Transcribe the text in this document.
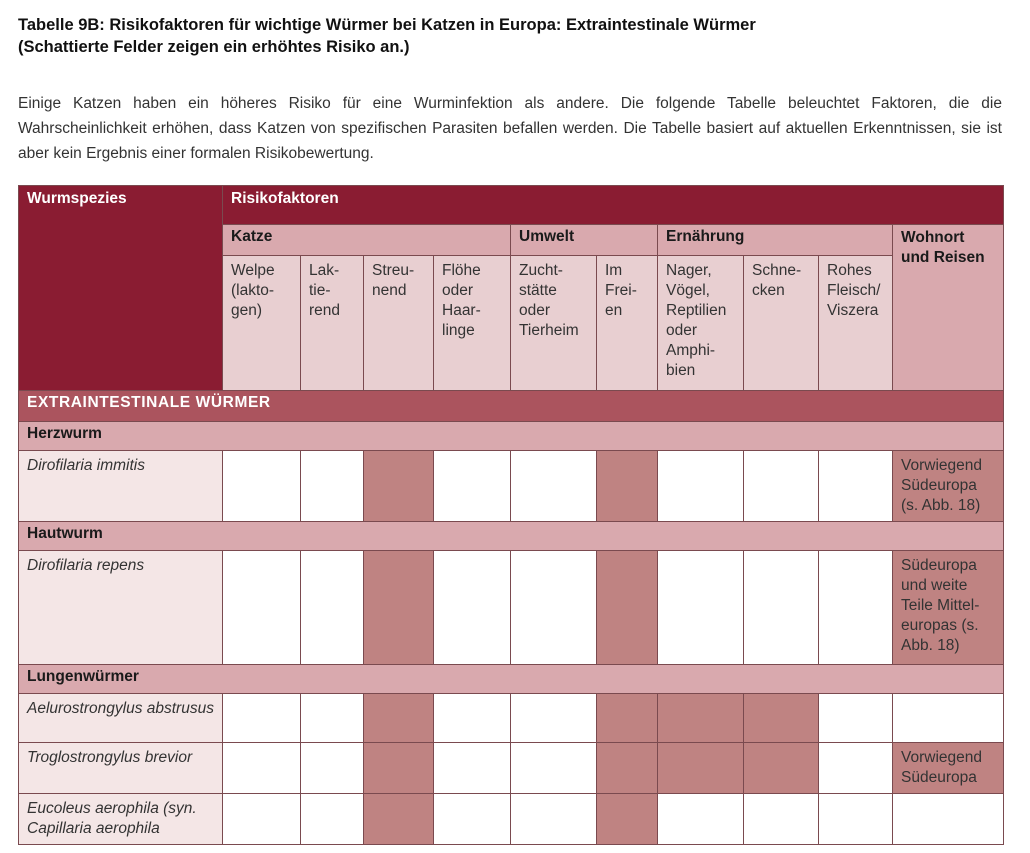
Tabelle 9B: Risikofaktoren für wichtige Würmer bei Katzen in Europa: Extraintestinale Würmer
(Schattierte Felder zeigen ein erhöhtes Risiko an.)
Einige Katzen haben ein höheres Risiko für eine Wurminfektion als andere. Die folgende Tabelle beleuchtet Faktoren, die die Wahrscheinlichkeit erhöhen, dass Katzen von spezifischen Parasiten befallen werden. Die Tabelle basiert auf aktuellen Erkenntnissen, sie ist aber kein Ergebnis einer formalen Risikobewertung.
Wurmspezies	Risikofaktoren									
	Katze				Umwelt		Ernährung			Wohnort und Reisen
	Welpe (lakto-gen)	Lak-tie-rend	Streu-nend	Flöhe oder Haar-linge	Zucht-stätte oder Tierheim	Im Frei-en	Nager, Vögel, Reptilien oder Amphi-bien	Schne-cken	Rohes Fleisch/ Viszera	
EXTRAINTESTINALE WÜRMER										
Herzwurm										
Dirofilaria immitis										Vorwiegend Südeuropa (s. Abb. 18)
Hautwurm										
Dirofilaria repens										Südeuropa und weite Teile Mittel-europas (s. Abb. 18)
Lungenwürmer										
Aelurostrongylus abstrusus										
Troglostrongylus brevior										Vorwiegend Südeuropa
Eucoleus aerophila (syn. Capillaria aerophila										
